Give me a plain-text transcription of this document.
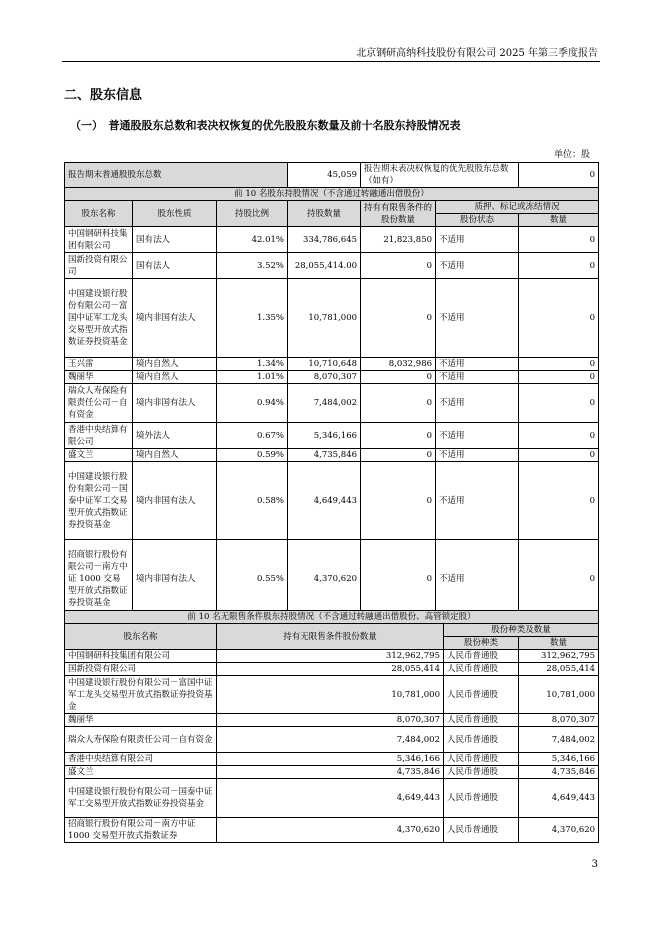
北京钢研高纳科技股份有限公司 2025 年第三季度报告
二、股东信息
（一）　普通股股东总数和表决权恢复的优先股股东数量及前十名股东持股情况表
单位：股
报告期末普通股股东总数			45,059	报告期末表决权恢复的优先股股东总数（如有）		0
前 10 名股东持股情况（不含通过转融通出借股份）						
股东名称	股东性质	持股比例	持股数量	持有有限售条件的股份数量	质押、标记或冻结情况	
					股份状态	数量
中国钢研科技集团有限公司	国有法人	42.01%	334,786,645	21,823,850	不适用	0
国新投资有限公司	国有法人	3.52%	28,055,414.00	0	不适用	0
中国建设银行股份有限公司－富国中证军工龙头交易型开放式指数证券投资基金	境内非国有法人	1.35%	10,781,000	0	不适用	0
王兴雷	境内自然人	1.34%	10,710,648	8,032,986	不适用	0
魏丽华	境内自然人	1.01%	8,070,307	0	不适用	0
瑞众人寿保险有限责任公司－自有资金	境内非国有法人	0.94%	7,484,002	0	不适用	0
香港中央结算有限公司	境外法人	0.67%	5,346,166	0	不适用	0
盛文兰	境内自然人	0.59%	4,735,846	0	不适用	0
中国建设银行股份有限公司－国泰中证军工交易型开放式指数证券投资基金	境内非国有法人	0.58%	4,649,443	0	不适用	0
招商银行股份有限公司－南方中证 1000 交易型开放式指数证券投资基金	境内非国有法人	0.55%	4,370,620	0	不适用	0
前 10 名无限售条件股东持股情况（不含通过转融通出借股份、高管锁定股）			
股东名称	持有无限售条件股份数量	股份种类及数量	
		股份种类	数量
中国钢研科技集团有限公司	312,962,795	人民币普通股	312,962,795
国新投资有限公司	28,055,414	人民币普通股	28,055,414
中国建设银行股份有限公司－富国中证军工龙头交易型开放式指数证券投资基金	10,781,000	人民币普通股	10,781,000
魏丽华	8,070,307	人民币普通股	8,070,307
瑞众人寿保险有限责任公司－自有资金	7,484,002	人民币普通股	7,484,002
香港中央结算有限公司	5,346,166	人民币普通股	5,346,166
盛文兰	4,735,846	人民币普通股	4,735,846
中国建设银行股份有限公司－国泰中证军工交易型开放式指数证券投资基金	4,649,443	人民币普通股	4,649,443
招商银行股份有限公司－南方中证 1000 交易型开放式指数证券	4,370,620	人民币普通股	4,370,620
3
